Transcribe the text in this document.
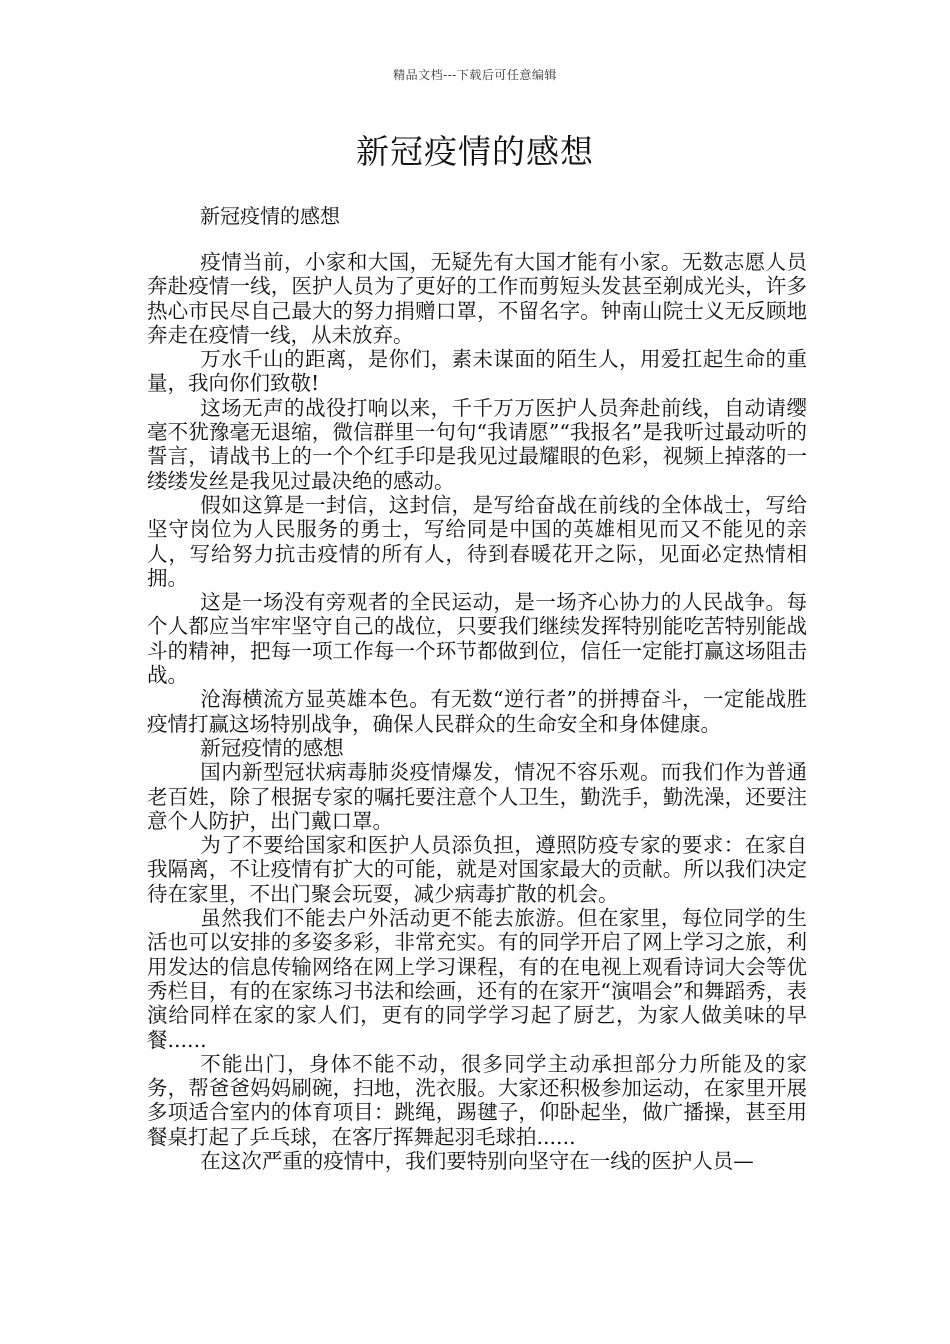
精品文档---下载后可任意编辑
新冠疫情的感想

新冠疫情的感想

疫情当前，小家和大国，无疑先有大国才能有小家。无数志愿人员奔赴疫情一线，医护人员为了更好的工作而剪短头发甚至剃成光头，许多热心市民尽自己最大的努力捐赠口罩，不留名字。钟南山院士义无反顾地奔走在疫情一线，从未放弃。

万水千山的距离，是你们，素未谋面的陌生人，用爱扛起生命的重量，我向你们致敬!

这场无声的战役打响以来，千千万万医护人员奔赴前线，自动请缨毫不犹豫毫无退缩，微信群里一句句“我请愿”“我报名”是我听过最动听的誓言，请战书上的一个个红手印是我见过最耀眼的色彩，视频上掉落的一缕缕发丝是我见过最决绝的感动。

假如这算是一封信，这封信，是写给奋战在前线的全体战士，写给坚守岗位为人民服务的勇士，写给同是中国的英雄相见而又不能见的亲人，写给努力抗击疫情的所有人，待到春暖花开之际，见面必定热情相拥。

这是一场没有旁观者的全民运动，是一场齐心协力的人民战争。每个人都应当牢牢坚守自己的战位，只要我们继续发挥特别能吃苦特别能战斗的精神，把每一项工作每一个环节都做到位，信任一定能打赢这场阻击战。

沧海横流方显英雄本色。有无数“逆行者”的拼搏奋斗，一定能战胜疫情打赢这场特别战争，确保人民群众的生命安全和身体健康。

新冠疫情的感想

国内新型冠状病毒肺炎疫情爆发，情况不容乐观。而我们作为普通老百姓，除了根据专家的嘱托要注意个人卫生，勤洗手，勤洗澡，还要注意个人防护，出门戴口罩。

为了不要给国家和医护人员添负担，遵照防疫专家的要求：在家自我隔离，不让疫情有扩大的可能，就是对国家最大的贡献。所以我们决定待在家里，不出门聚会玩耍，减少病毒扩散的机会。

虽然我们不能去户外活动更不能去旅游。但在家里，每位同学的生活也可以安排的多姿多彩，非常充实。有的同学开启了网上学习之旅，利用发达的信息传输网络在网上学习课程，有的在电视上观看诗词大会等优秀栏目，有的在家练习书法和绘画，还有的在家开“演唱会”和舞蹈秀，表演给同样在家的家人们，更有的同学学习起了厨艺，为家人做美味的早餐......

不能出门，身体不能不动，很多同学主动承担部分力所能及的家务，帮爸爸妈妈刷碗，扫地，洗衣服。大家还积极参加运动，在家里开展多项适合室内的体育项目：跳绳，踢毽子，仰卧起坐，做广播操，甚至用餐桌打起了乒乓球，在客厅挥舞起羽毛球拍......

在这次严重的疫情中，我们要特别向坚守在一线的医护人员—
